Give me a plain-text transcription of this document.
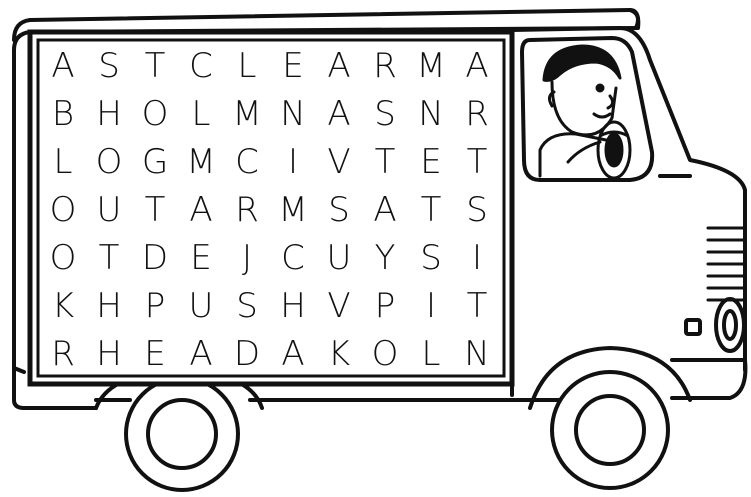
A S T C L E A R M A
B H O L M N A S N R
L O G M C I V T E T
O U T A R M S A T S
O T D E J C U Y S I
K H P U S H V P I T
R H E A D A K O L N
